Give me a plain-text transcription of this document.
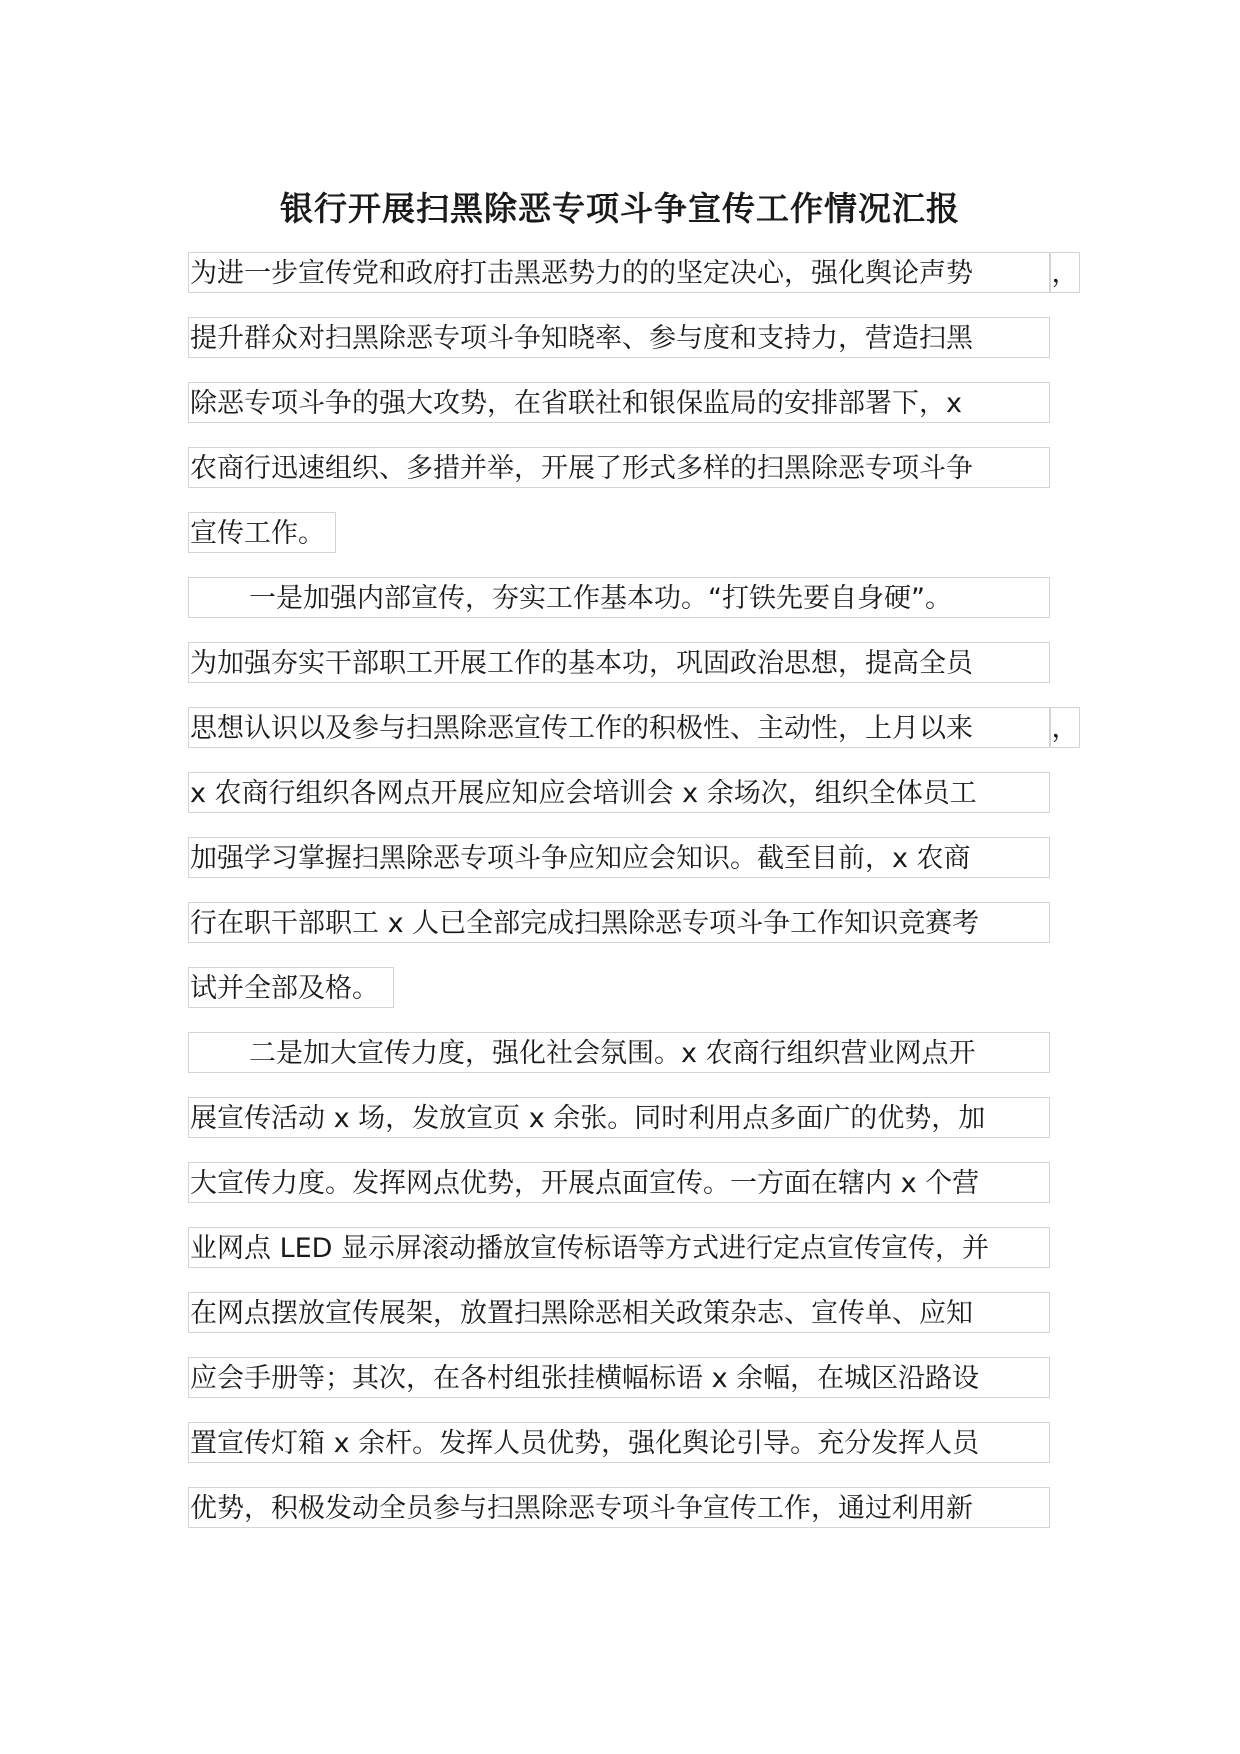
银行开展扫黑除恶专项斗争宣传工作情况汇报
为进一步宣传党和政府打击黑恶势力的的坚定决心，强化舆论声势	，
提升群众对扫黑除恶专项斗争知晓率、参与度和支持力，营造扫黑
除恶专项斗争的强大攻势，在省联社和银保监局的安排部署下，x
农商行迅速组织、多措并举，开展了形式多样的扫黑除恶专项斗争
宣传工作。
一是加强内部宣传，夯实工作基本功。“打铁先要自身硬”。
为加强夯实干部职工开展工作的基本功，巩固政治思想，提高全员
思想认识以及参与扫黑除恶宣传工作的积极性、主动性，上月以来	，
x 农商行组织各网点开展应知应会培训会 x 余场次，组织全体员工
加强学习掌握扫黑除恶专项斗争应知应会知识。截至目前，x 农商
行在职干部职工 x 人已全部完成扫黑除恶专项斗争工作知识竞赛考
试并全部及格。
二是加大宣传力度，强化社会氛围。x 农商行组织营业网点开
展宣传活动 x 场，发放宣页 x 余张。同时利用点多面广的优势，加
大宣传力度。发挥网点优势，开展点面宣传。一方面在辖内 x 个营
业网点 LED 显示屏滚动播放宣传标语等方式进行定点宣传宣传，并
在网点摆放宣传展架，放置扫黑除恶相关政策杂志、宣传单、应知
应会手册等；其次，在各村组张挂横幅标语 x 余幅，在城区沿路设
置宣传灯箱 x 余杆。发挥人员优势，强化舆论引导。充分发挥人员
优势，积极发动全员参与扫黑除恶专项斗争宣传工作，通过利用新
